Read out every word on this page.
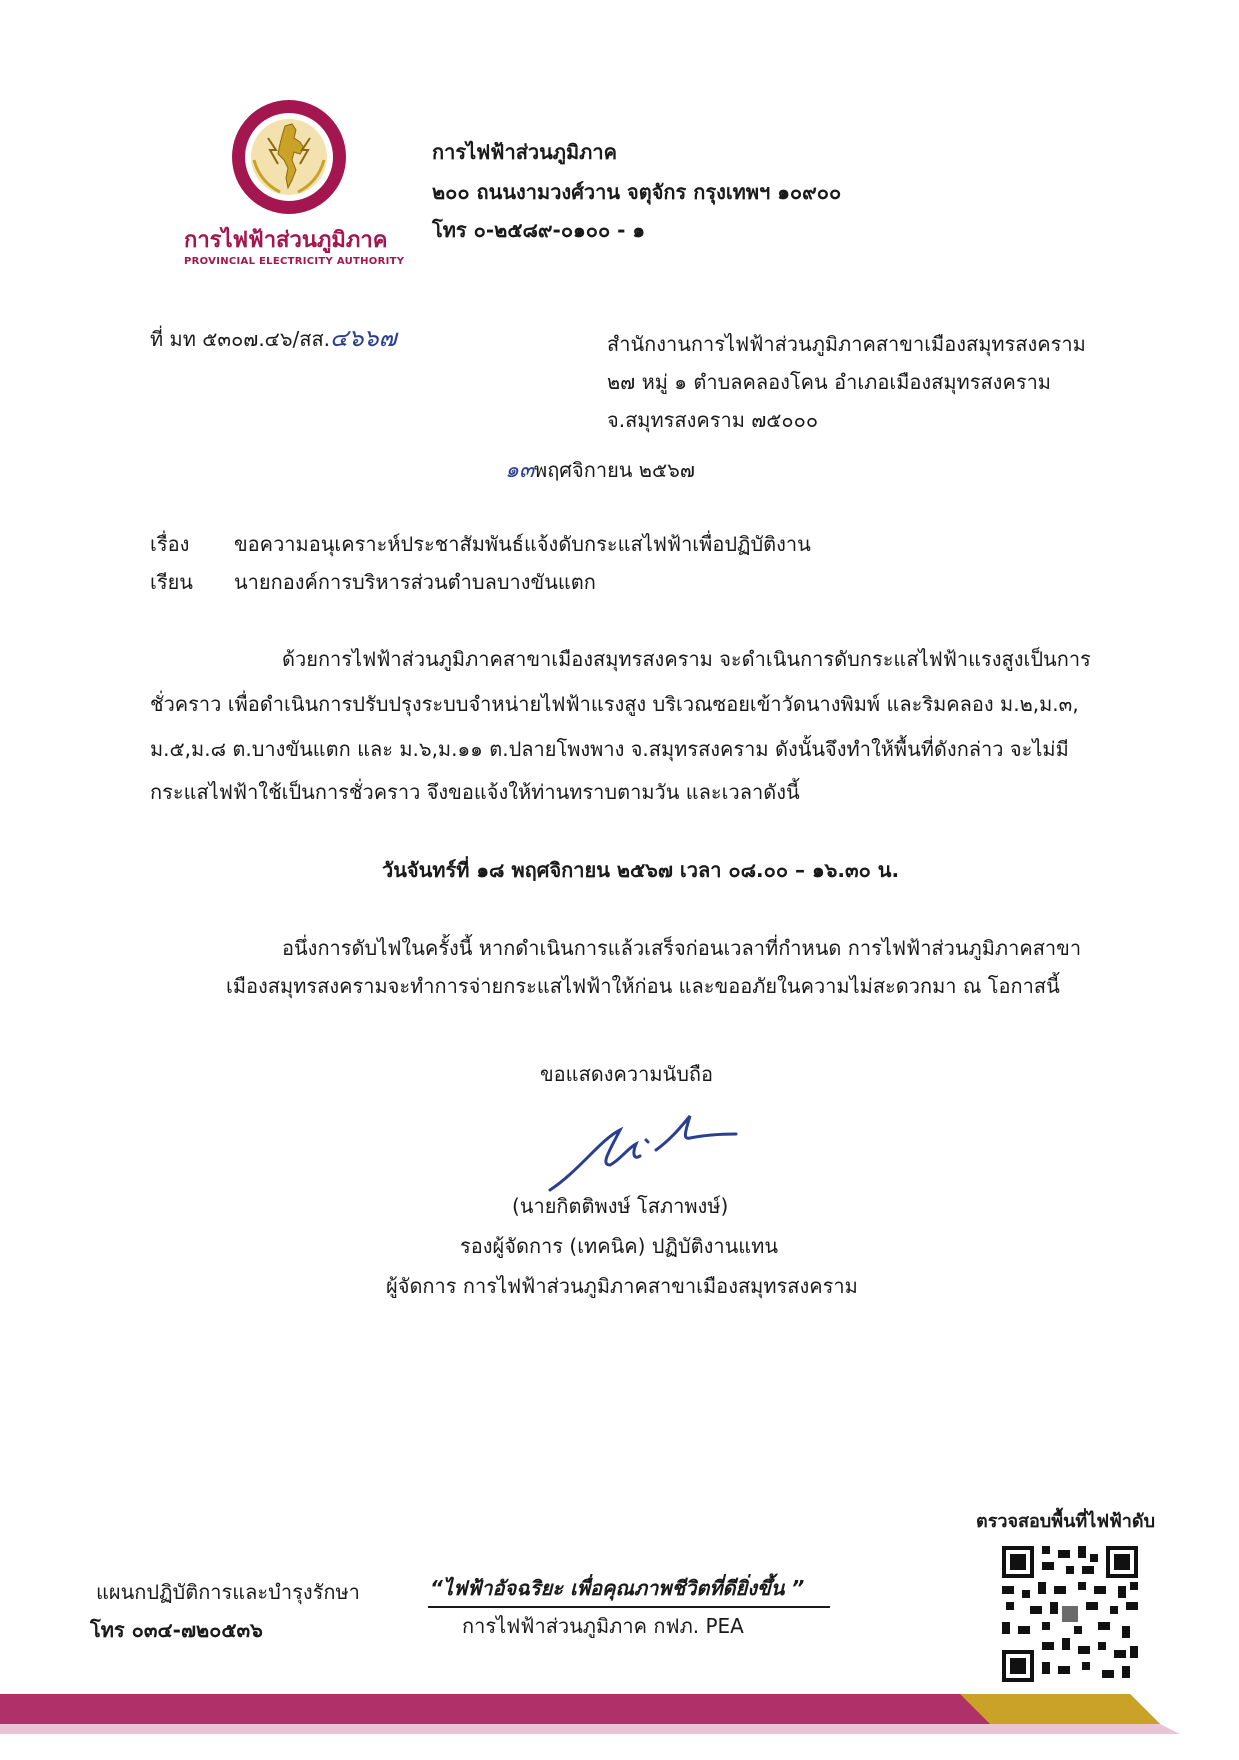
การไฟฟ้าส่วนภูมิภาค
PROVINCIAL ELECTRICITY AUTHORITY
การไฟฟ้าส่วนภูมิภาค
๒๐๐ ถนนงามวงศ์วาน จตุจักร กรุงเทพฯ ๑๐๙๐๐
โทร ๐-๒๕๘๙-๐๑๐๐ - ๑
ที่ มท ๕๓๐๗.๔๖/สส.๔๖๖๗	สำนักงานการไฟฟ้าส่วนภูมิภาคสาขาเมืองสมุทรสงคราม
๒๗ หมู่ ๑ ตำบลคลองโคน อำเภอเมืองสมุทรสงคราม
จ.สมุทรสงคราม ๗๕๐๐๐
๑๓พฤศจิกายน ๒๕๖๗
เรื่อง ขอความอนุเคราะห์ประชาสัมพันธ์แจ้งดับกระแสไฟฟ้าเพื่อปฏิบัติงาน
เรียน นายกองค์การบริหารส่วนตำบลบางขันแตก
ด้วยการไฟฟ้าส่วนภูมิภาคสาขาเมืองสมุทรสงคราม จะดำเนินการดับกระแสไฟฟ้าแรงสูงเป็นการ
ชั่วคราว เพื่อดำเนินการปรับปรุงระบบจำหน่ายไฟฟ้าแรงสูง บริเวณซอยเข้าวัดนางพิมพ์ และริมคลอง ม.๒,ม.๓,
ม.๕,ม.๘ ต.บางขันแตก และ ม.๖,ม.๑๑ ต.ปลายโพงพาง จ.สมุทรสงคราม ดังนั้นจึงทำให้พื้นที่ดังกล่าว จะไม่มี
กระแสไฟฟ้าใช้เป็นการชั่วคราว จึงขอแจ้งให้ท่านทราบตามวัน และเวลาดังนี้
วันจันทร์ที่ ๑๘ พฤศจิกายน ๒๕๖๗ เวลา ๐๘.๐๐ – ๑๖.๓๐ น.
อนึ่งการดับไฟในครั้งนี้ หากดำเนินการแล้วเสร็จก่อนเวลาที่กำหนด การไฟฟ้าส่วนภูมิภาคสาขา
เมืองสมุทรสงครามจะทำการจ่ายกระแสไฟฟ้าให้ก่อน และขออภัยในความไม่สะดวกมา ณ โอกาสนี้
ขอแสดงความนับถือ
(นายกิตติพงษ์ โสภาพงษ์)
รองผู้จัดการ (เทคนิค) ปฏิบัติงานแทน
ผู้จัดการ การไฟฟ้าส่วนภูมิภาคสาขาเมืองสมุทรสงคราม
แผนกปฏิบัติการและบำรุงรักษา
โทร ๐๓๔-๗๒๐๕๓๖
“ไฟฟ้าอัจฉริยะ เพื่อคุณภาพชีวิตที่ดียิ่งขึ้น ”
การไฟฟ้าส่วนภูมิภาค กฟภ. PEA
ตรวจสอบพื้นที่ไฟฟ้าดับ
